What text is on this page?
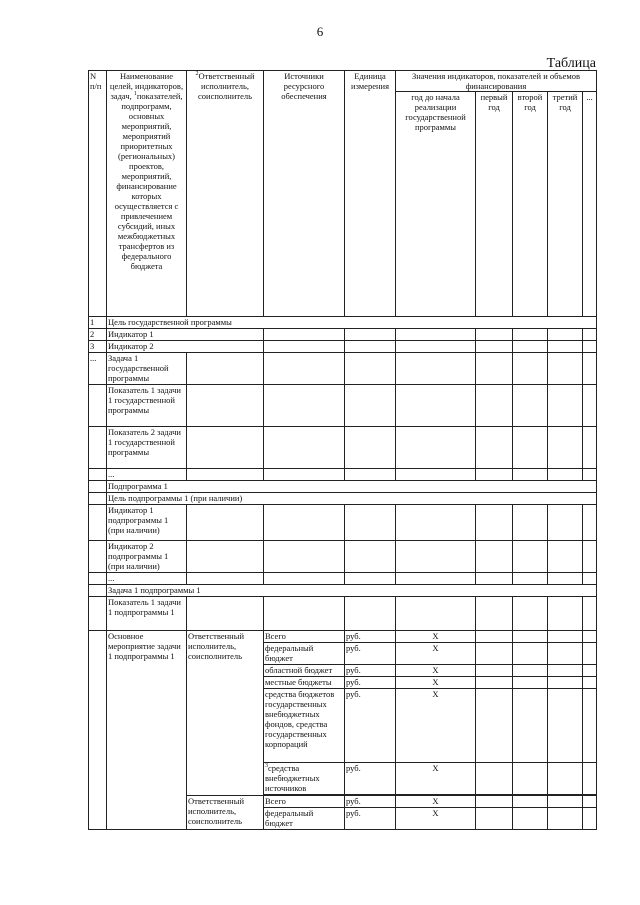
6
Таблица
N п/п	Наименование целей, индикаторов, задач, $^1$показателей, подпрограмм, основных мероприятий, мероприятий приоритетных (региональных) проектов, мероприятий, финансирование которых осуществляется с привлечением субсидий, иных межбюджетных трансфертов из федерального бюджета	$^2$Ответственный исполнитель, соисполнитель	Источники ресурсного обеспечения	Единица измерения	Значения индикаторов, показателей и объемов финансирования				
					год до начала реализации государственной программы	первый год	второй год	третий год	...
1	Цель государственной программы								
2	Индикатор 1								
3	Индикатор 2								
...	Задача 1 государственной программы								
	Показатель 1 задачи 1 государственной программы								
	Показатель 2 задачи 1 государственной программы								
	...								
	Подпрограмма 1								
	Цель подпрограммы 1 (при наличии)								
	Индикатор 1 подпрограммы 1 (при наличии)								
	Индикатор 2 подпрограммы 1 (при наличии)								
	...								
	Задача 1 подпрограммы 1								
	Показатель 1 задачи 1 подпрограммы 1								
	Основное мероприятие задачи 1 подпрограммы 1	Ответственный исполнитель, соисполнитель	Всего	руб.	X				
			федеральный бюджет	руб.	X				
			областной бюджет	руб.	X				
			местные бюджеты	руб.	X				
			средства бюджетов государственных внебюджетных фондов, средства государственных корпораций	руб.	X				
			$^3$средства внебюджетных источников	руб.	X				

		Ответственный исполнитель, соисполнитель	Всего	руб.	X				
			федеральный бюджет	руб.	X				
